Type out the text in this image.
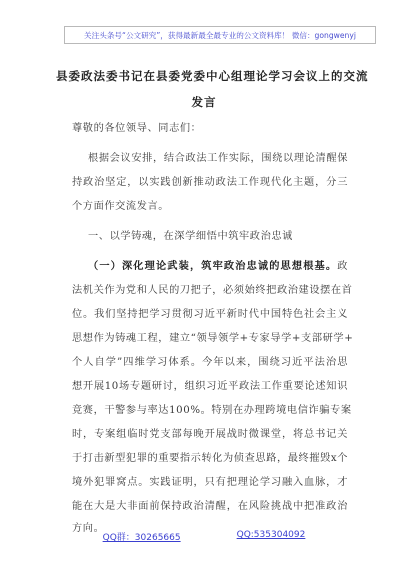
关注头条号“公文研究”，获得最新最全最专业的公文资料库！ 微信：gongwenyj
县委政法委书记在县委党委中心组理论学习会议上的交流
发言
尊敬的各位领导、同志们：
根据会议安排，结合政法工作实际，围绕以理论清醒保
持政治坚定，以实践创新推动政法工作现代化主题，分三
个方面作交流发言。
一、以学铸魂，在深学细悟中筑牢政治忠诚
（一）深化理论武装，筑牢政治忠诚的思想根基。政
法机关作为党和人民的刀把子，必须始终把政治建设摆在首
位。我们坚持把学习贯彻习近平新时代中国特色社会主义
思想作为铸魂工程，建立“领导领学+专家导学+支部研学+
个人自学”四维学习体系。今年以来，围绕习近平法治思
想开展10场专题研讨，组织习近平政法工作重要论述知识
竞赛，干警参与率达100%。特别在办理跨境电信诈骗专案
时，专案组临时党支部每晚开展战时微课堂，将总书记关
于打击新型犯罪的重要指示转化为侦查思路，最终摧毁x个
境外犯罪窝点。实践证明，只有把理论学习融入血脉，才
能在大是大非面前保持政治清醒，在风险挑战中把准政治
方向。
QQ群：30265665	QQ:535304092
